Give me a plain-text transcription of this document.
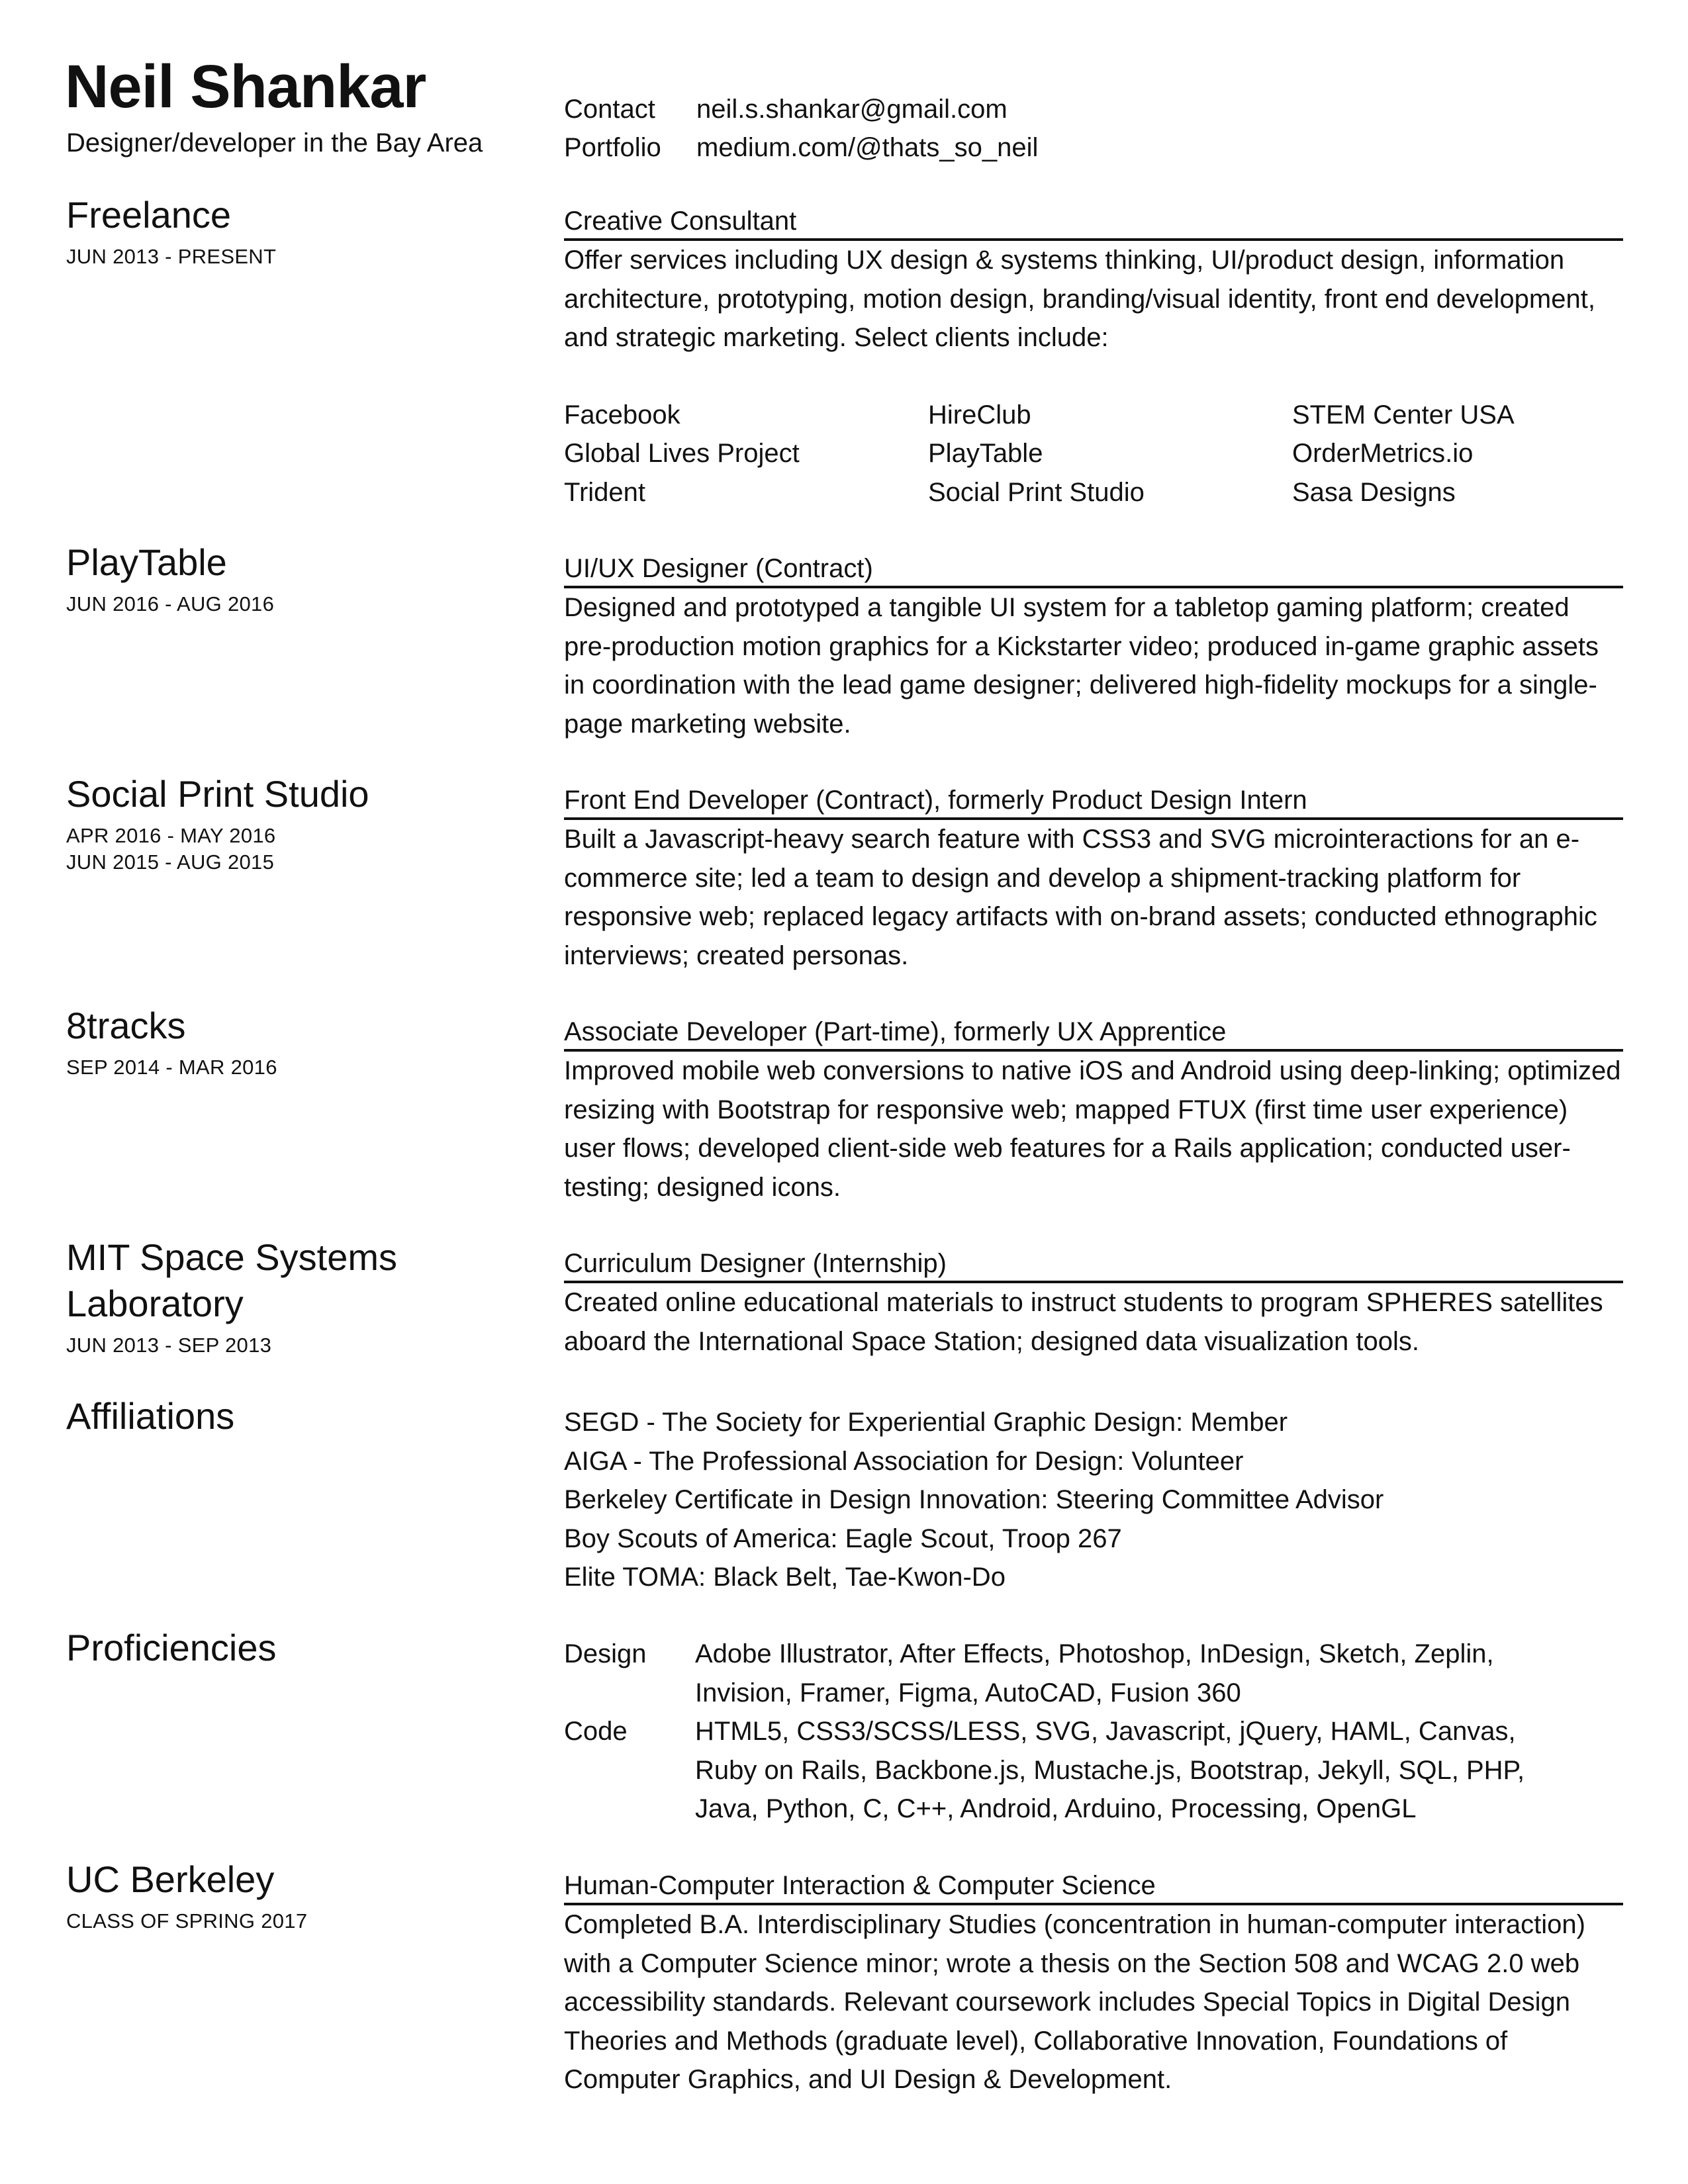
Neil Shankar
Designer/developer in the Bay Area
Contact	neil.s.shankar@gmail.com
Portfolio	medium.com/@thats_so_neil
Freelance
JUN 2013 - PRESENT
Creative Consultant

Offer services including UX design & systems thinking, UI/product design, information architecture, prototyping, motion design, branding/visual identity, front end development, and strategic marketing. Select clients include:

Facebook	HireClub	STEM Center USA
Global Lives Project	PlayTable	OrderMetrics.io
Trident	Social Print Studio	Sasa Designs
PlayTable
JUN 2016 - AUG 2016
UI/UX Designer (Contract)

Designed and prototyped a tangible UI system for a tabletop gaming platform; created pre-production motion graphics for a Kickstarter video; produced in-game graphic assets in coordination with the lead game designer; delivered high-fidelity mockups for a single-page marketing website.

Social Print Studio
APR 2016 - MAY 2016
JUN 2015 - AUG 2015
Front End Developer (Contract), formerly Product Design Intern

Built a Javascript-heavy search feature with CSS3 and SVG microinteractions for an e-commerce site; led a team to design and develop a shipment-tracking platform for responsive web; replaced legacy artifacts with on-brand assets; conducted ethnographic interviews; created personas.

8tracks
SEP 2014 - MAR 2016
Associate Developer (Part-time), formerly UX Apprentice

Improved mobile web conversions to native iOS and Android using deep-linking; optimized resizing with Bootstrap for responsive web; mapped FTUX (first time user experience) user flows; developed client-side web features for a Rails application; conducted user-testing; designed icons.

MIT Space Systems
Laboratory
JUN 2013 - SEP 2013
Curriculum Designer (Internship)

Created online educational materials to instruct students to program SPHERES satellites aboard the International Space Station; designed data visualization tools.

Affiliations	SEGD - The Society for Experiential Graphic Design: Member
AIGA - The Professional Association for Design: Volunteer
Berkeley Certificate in Design Innovation: Steering Committee Advisor
Boy Scouts of America: Eagle Scout, Troop 267
Elite TOMA: Black Belt, Tae-Kwon-Do
Proficiencies	Design	Adobe Illustrator, After Effects, Photoshop, InDesign, Sketch, Zeplin,
Invision, Framer, Figma, AutoCAD, Fusion 360
Code	HTML5, CSS3/SCSS/LESS, SVG, Javascript, jQuery, HAML, Canvas,
Ruby on Rails, Backbone.js, Mustache.js, Bootstrap, Jekyll, SQL, PHP,
Java, Python, C, C++, Android, Arduino, Processing, OpenGL
UC Berkeley
CLASS OF SPRING 2017
Human-Computer Interaction & Computer Science

Completed B.A. Interdisciplinary Studies (concentration in human-computer interaction) with a Computer Science minor; wrote a thesis on the Section 508 and WCAG 2.0 web accessibility standards. Relevant coursework includes Special Topics in Digital Design Theories and Methods (graduate level), Collaborative Innovation, Foundations of Computer Graphics, and UI Design & Development.
